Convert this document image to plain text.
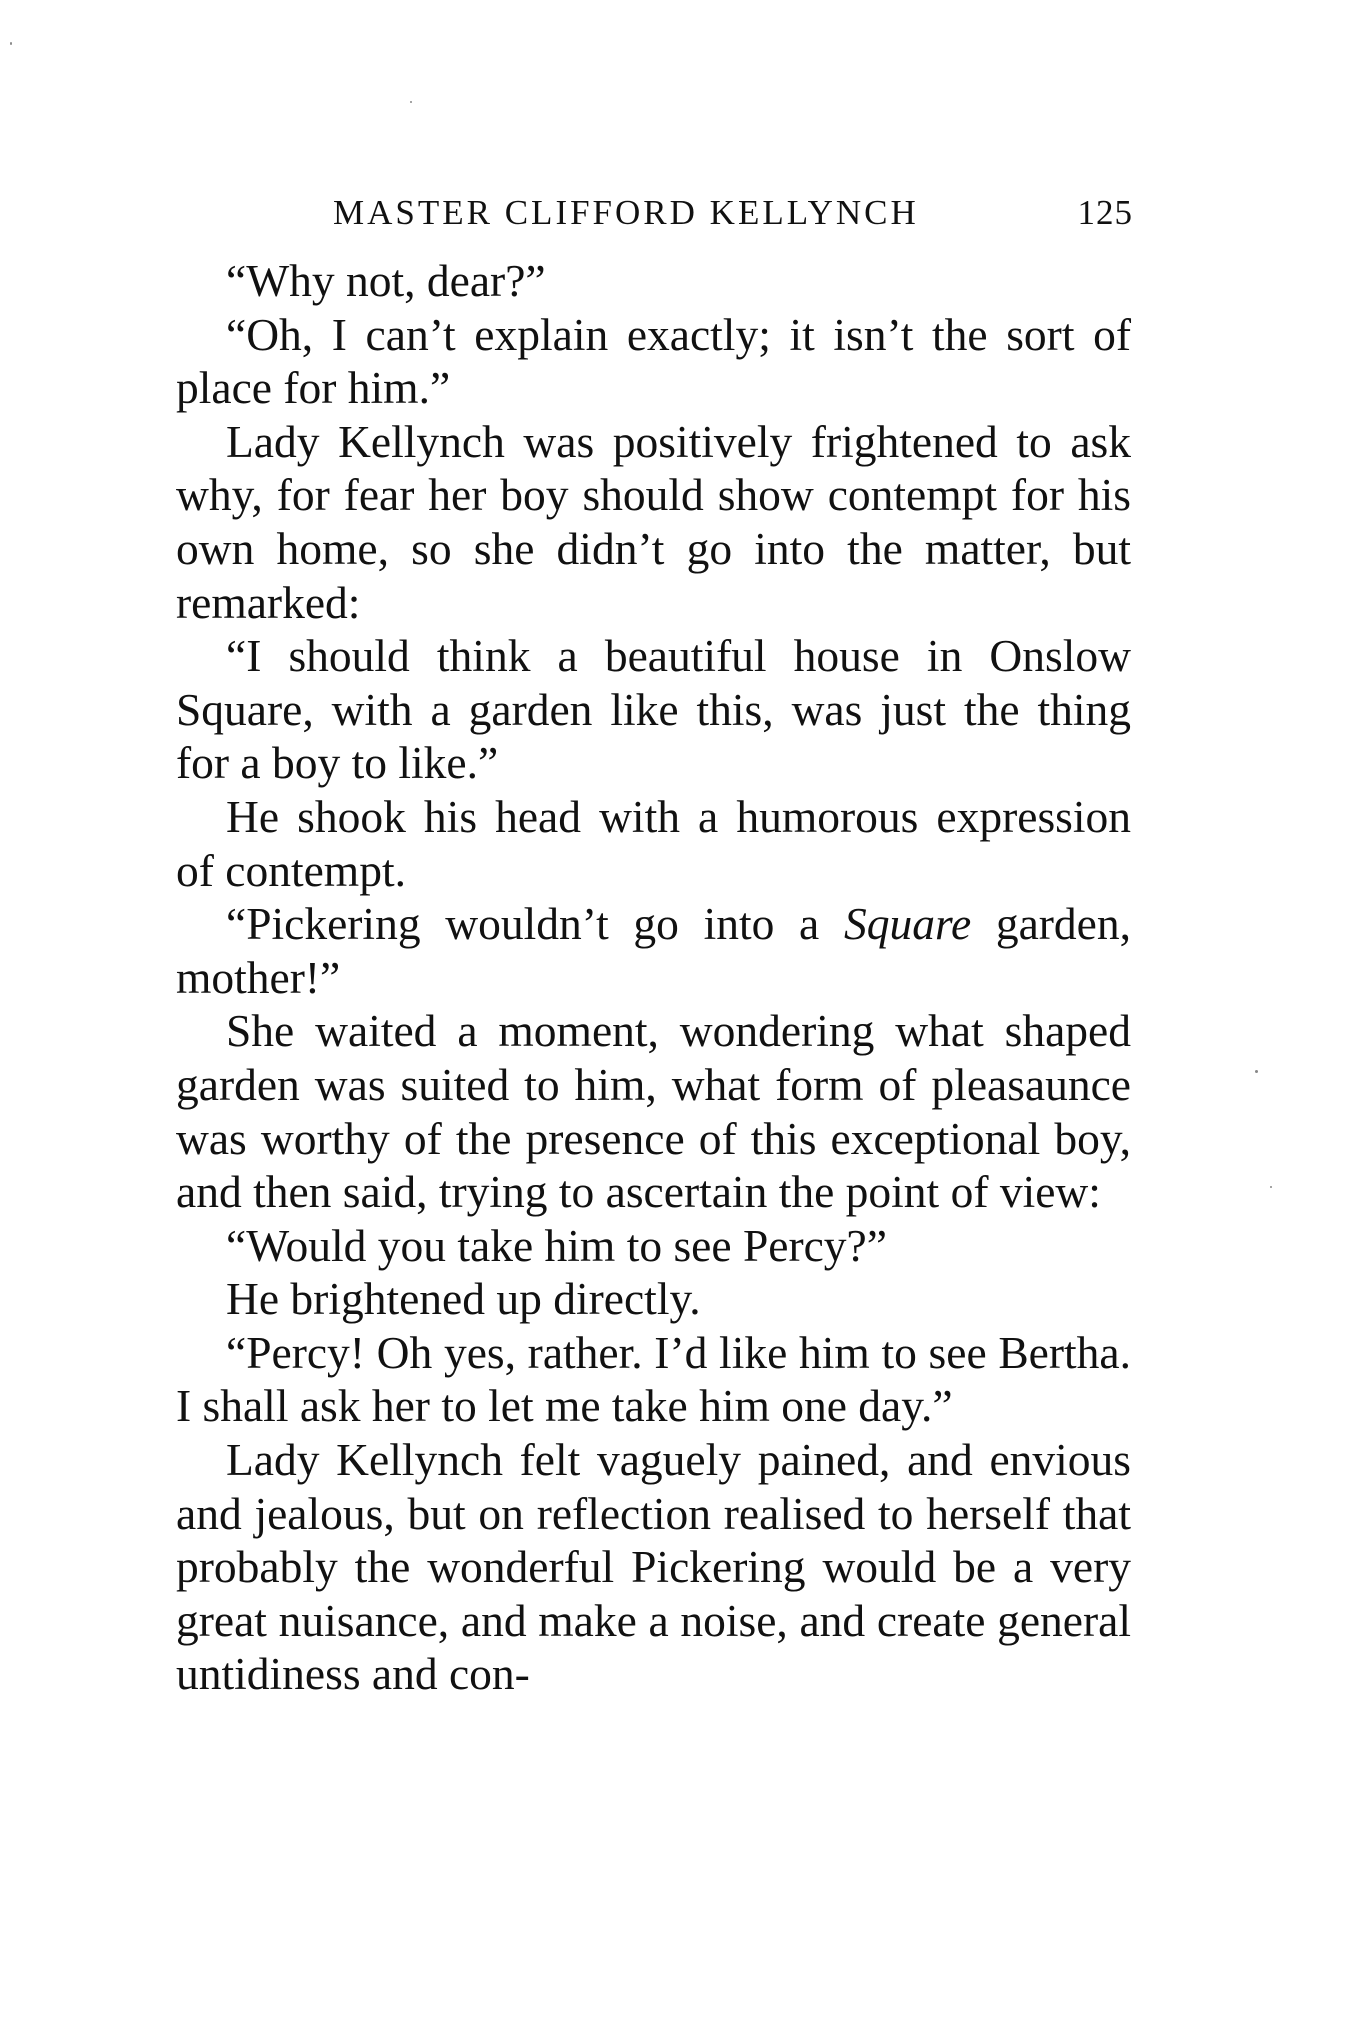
MASTER CLIFFORD KELLYNCH	125

“Why not, dear?”

“Oh, I can’t explain exactly; it isn’t the sort of place for him.”

Lady Kellynch was positively frightened to ask why, for fear her boy should show contempt for his own home, so she didn’t go into the matter, but remarked:

“I should think a beautiful house in Onslow Square, with a garden like this, was just the thing for a boy to like.”

He shook his head with a humorous expression of contempt.

“Pickering wouldn’t go into a Square garden, mother!”

She waited a moment, wondering what shaped garden was suited to him, what form of pleasaunce was worthy of the presence of this exceptional boy, and then said, trying to ascertain the point of view:

“Would you take him to see Percy?”

He brightened up directly.

“Percy! Oh yes, rather. I’d like him to see Bertha. I shall ask her to let me take him one day.”

Lady Kellynch felt vaguely pained, and envious and jealous, but on reflection realised to herself that probably the wonderful Pickering would be a very great nuisance, and make a noise, and create general untidiness and con-
